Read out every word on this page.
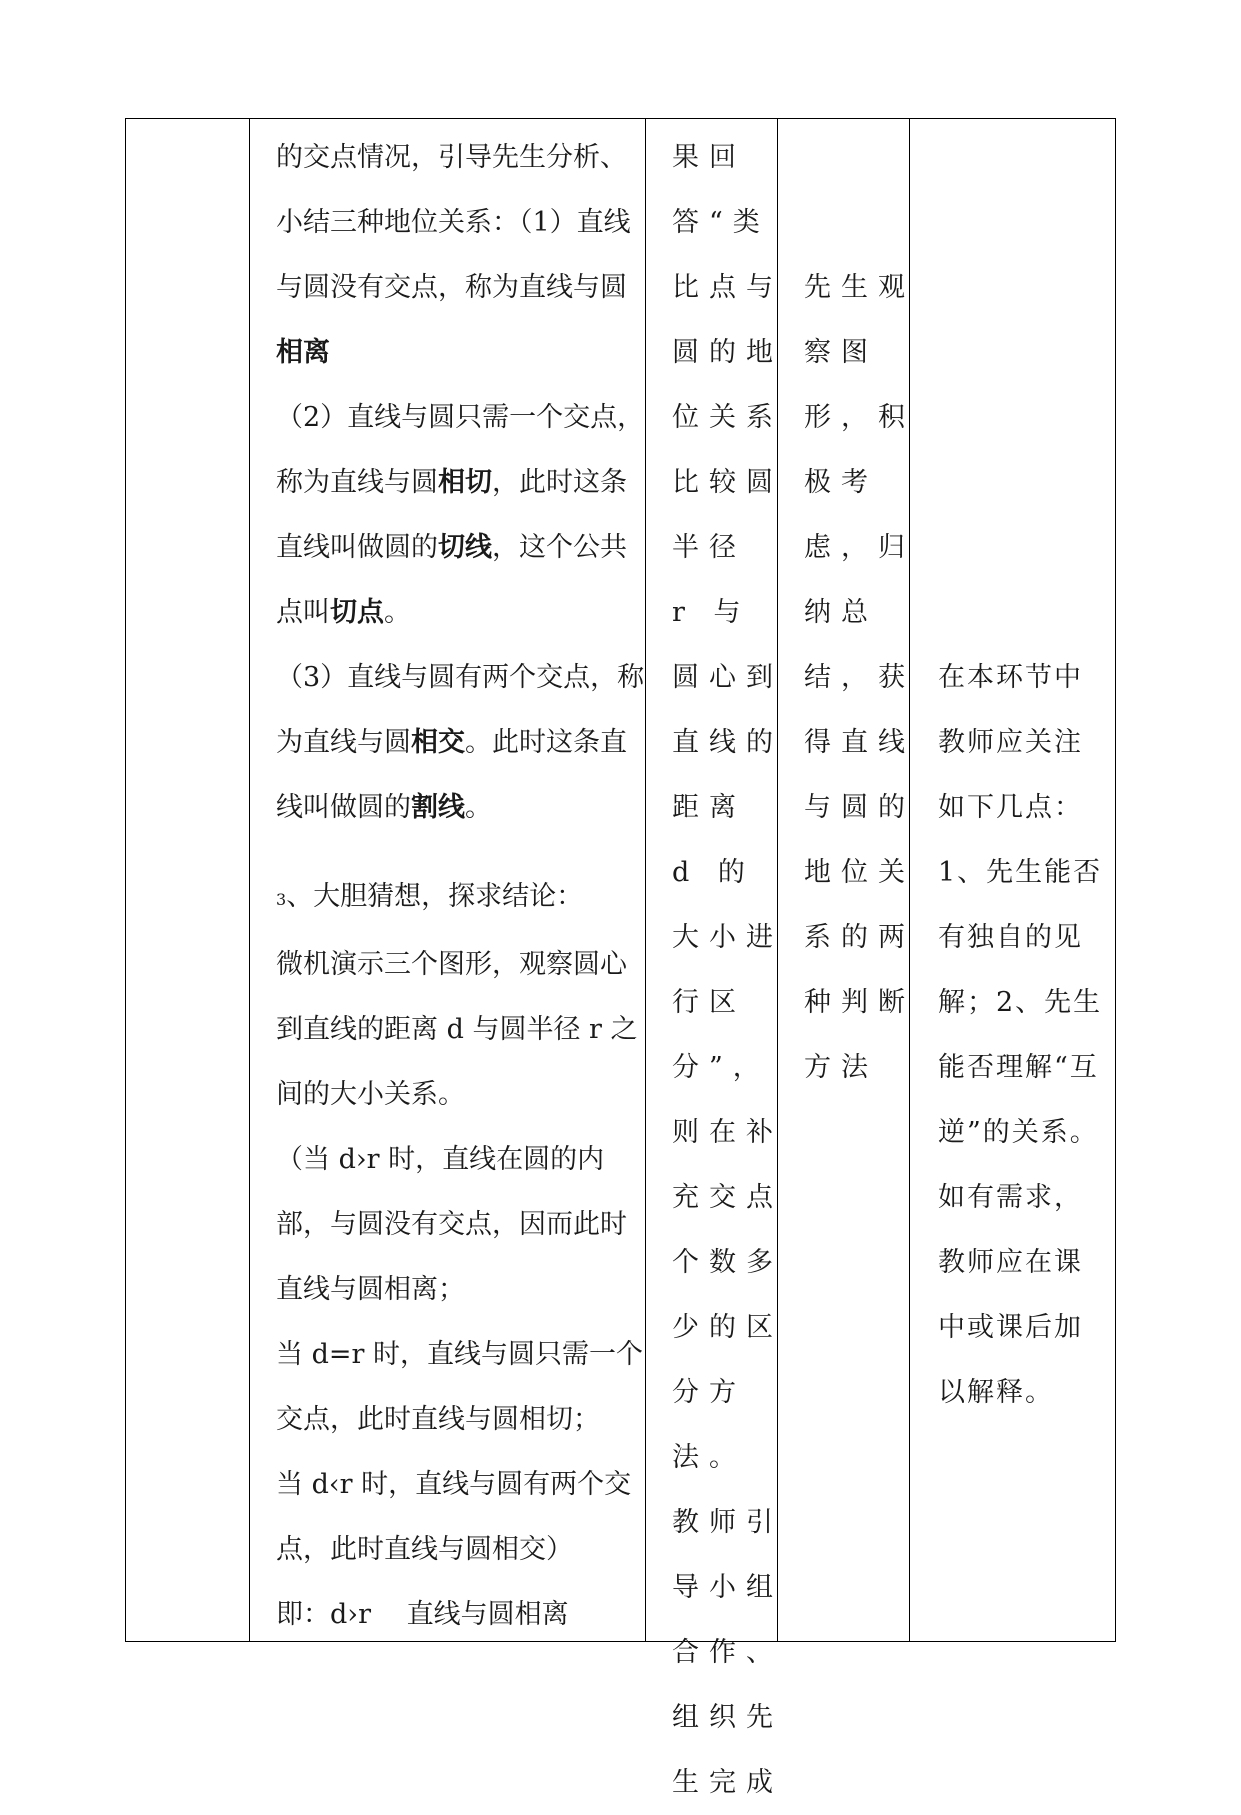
的交点情况，引导先生分析、小结三种地位关系：（1）直线与圆没有交点，称为直线与圆相离

（2）直线与圆只需一个交点，称为直线与圆相切，此时这条直线叫做圆的切线，这个公共点叫切点。

（3）直线与圆有两个交点，称为直线与圆相交。此时这条直线叫做圆的割线。

3、大胆猜想，探求结论：

微机演示三个图形，观察圆心到直线的距离 d 与圆半径 r 之间的大小关系。

（当 d›r 时，直线在圆的内部，与圆没有交点，因而此时直线与圆相离；

当 d=r 时，直线与圆只需一个交点，此时直线与圆相切；

当 d‹r 时，直线与圆有两个交点，此时直线与圆相交）

即：d›r　 直线与圆相离

果回答“类比点与圆的地位关系比较圆半径 r 与圆心到直线的距离 d 的大小进行区分”，则在补充交点个数多少的区分方法。

教师引导小组合作、组织先生完成

先生观察图形，积极考虑，归纳总结，获得直线与圆的地位关系的两种判断方法

在本环节中教师应关注如下几点：1、先生能否有独自的见解；2、先生能否理解“互逆”的关系。

如有需求，教师应在课中或课后加以解释。
